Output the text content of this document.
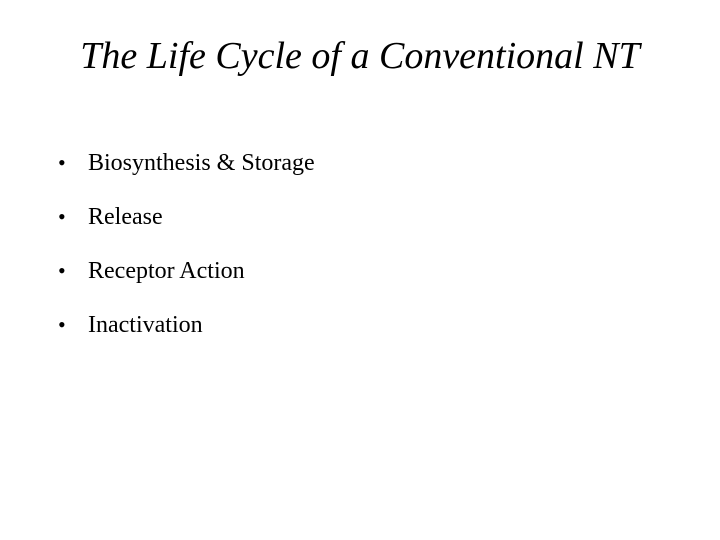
The Life Cycle of a Conventional NT
• Biosynthesis & Storage
• Release
• Receptor Action
• Inactivation
